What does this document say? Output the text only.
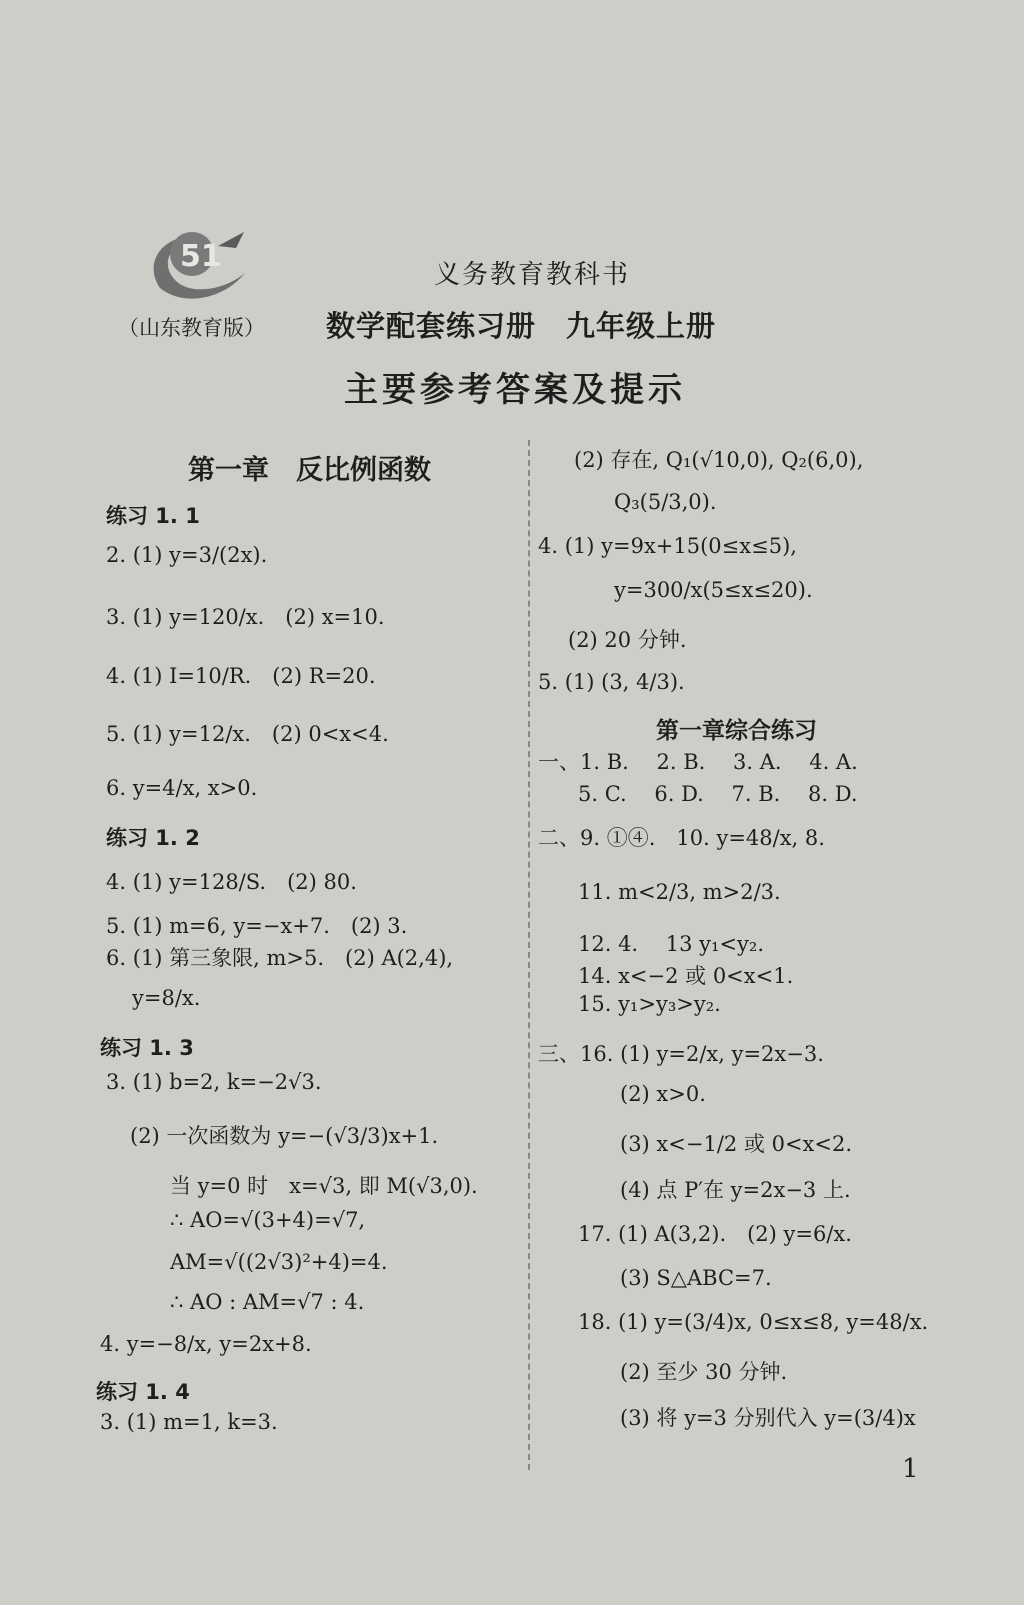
51
（山东教育版）
义务教育教科书
数学配套练习册　九年级上册
主要参考答案及提示
第一章　反比例函数
练习 1. 1
2. (1) y=3/(2x).
3. (1) y=120/x.　(2) x=10.
4. (1) I=10/R.　(2) R=20.
5. (1) y=12/x.　(2) 0<x<4.
6. y=4/x, x>0.
练习 1. 2
4. (1) y=128/S.　(2) 80.
5. (1) m=6, y=−x+7.　(2) 3.
6. (1) 第三象限, m>5.　(2) A(2,4),
y=8/x.
练习 1. 3
3. (1) b=2, k=−2√3.
(2) 一次函数为 y=−(√3/3)x+1.
当 y=0 时　x=√3, 即 M(√3,0).
∴ AO=√(3+4)=√7,
AM=√((2√3)²+4)=4.
∴ AO : AM=√7 : 4.
4. y=−8/x, y=2x+8.
练习 1. 4
3. (1) m=1, k=3.
(2) 存在, Q₁(√10,0), Q₂(6,0),
Q₃(5/3,0).
4. (1) y=9x+15(0≤x≤5),
y=300/x(5≤x≤20).
(2) 20 分钟.
5. (1) (3, 4/3).
第一章综合练习
一、1. B.　 2. B.　 3. A.　 4. A.
5. C.　 6. D.　 7. B.　 8. D.
二、9. ①④.　10. y=48/x, 8.
11. m<2/3, m>2/3.
12. 4.　 13 y₁<y₂.
14. x<−2 或 0<x<1.
15. y₁>y₃>y₂.
三、16. (1) y=2/x, y=2x−3.
(2) x>0.
(3) x<−1/2 或 0<x<2.
(4) 点 P′在 y=2x−3 上.
17. (1) A(3,2).　(2) y=6/x.
(3) S△ABC=7.
18. (1) y=(3/4)x, 0≤x≤8, y=48/x.
(2) 至少 30 分钟.
(3) 将 y=3 分别代入 y=(3/4)x
1
